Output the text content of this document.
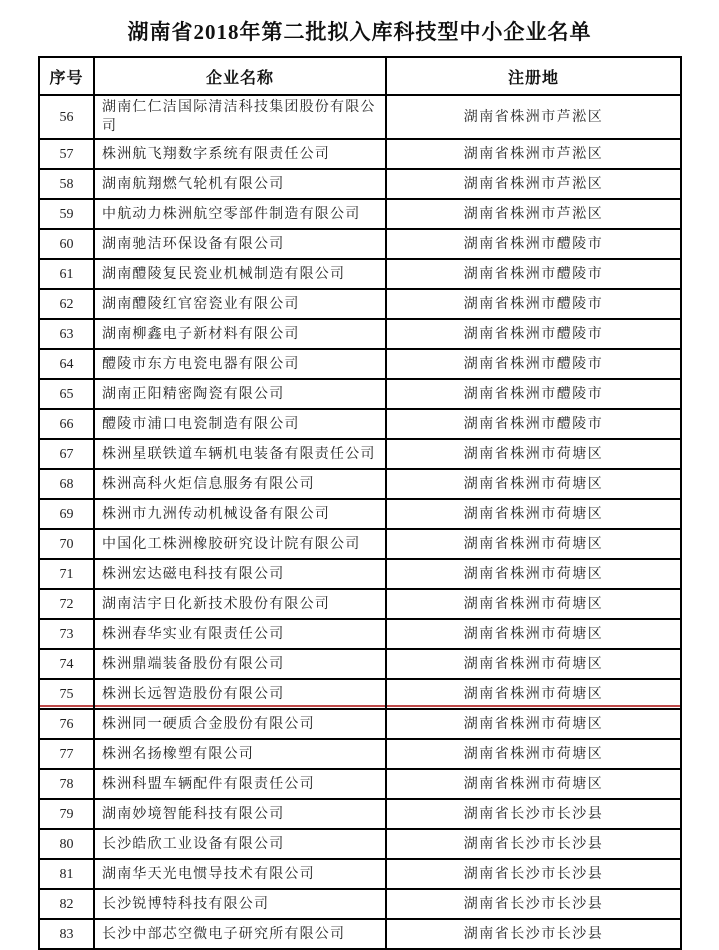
湖南省2018年第二批拟入库科技型中小企业名单
序号	企业名称	注册地
56	湖南仁仁洁国际清洁科技集团股份有限公司	湖南省株洲市芦淞区
57	株洲航飞翔数字系统有限责任公司	湖南省株洲市芦淞区
58	湖南航翔燃气轮机有限公司	湖南省株洲市芦淞区
59	中航动力株洲航空零部件制造有限公司	湖南省株洲市芦淞区
60	湖南驰洁环保设备有限公司	湖南省株洲市醴陵市
61	湖南醴陵复民瓷业机械制造有限公司	湖南省株洲市醴陵市
62	湖南醴陵红官窑瓷业有限公司	湖南省株洲市醴陵市
63	湖南柳鑫电子新材料有限公司	湖南省株洲市醴陵市
64	醴陵市东方电瓷电器有限公司	湖南省株洲市醴陵市
65	湖南正阳精密陶瓷有限公司	湖南省株洲市醴陵市
66	醴陵市浦口电瓷制造有限公司	湖南省株洲市醴陵市
67	株洲星联铁道车辆机电装备有限责任公司	湖南省株洲市荷塘区
68	株洲高科火炬信息服务有限公司	湖南省株洲市荷塘区
69	株洲市九洲传动机械设备有限公司	湖南省株洲市荷塘区
70	中国化工株洲橡胶研究设计院有限公司	湖南省株洲市荷塘区
71	株洲宏达磁电科技有限公司	湖南省株洲市荷塘区
72	湖南洁宇日化新技术股份有限公司	湖南省株洲市荷塘区
73	株洲春华实业有限责任公司	湖南省株洲市荷塘区
74	株洲鼎端装备股份有限公司	湖南省株洲市荷塘区
75	株洲长远智造股份有限公司	湖南省株洲市荷塘区
76	株洲同一硬质合金股份有限公司	湖南省株洲市荷塘区
77	株洲名扬橡塑有限公司	湖南省株洲市荷塘区
78	株洲科盟车辆配件有限责任公司	湖南省株洲市荷塘区
79	湖南妙境智能科技有限公司	湖南省长沙市长沙县
80	长沙皓欣工业设备有限公司	湖南省长沙市长沙县
81	湖南华天光电惯导技术有限公司	湖南省长沙市长沙县
82	长沙锐博特科技有限公司	湖南省长沙市长沙县
83	长沙中部芯空微电子研究所有限公司	湖南省长沙市长沙县
